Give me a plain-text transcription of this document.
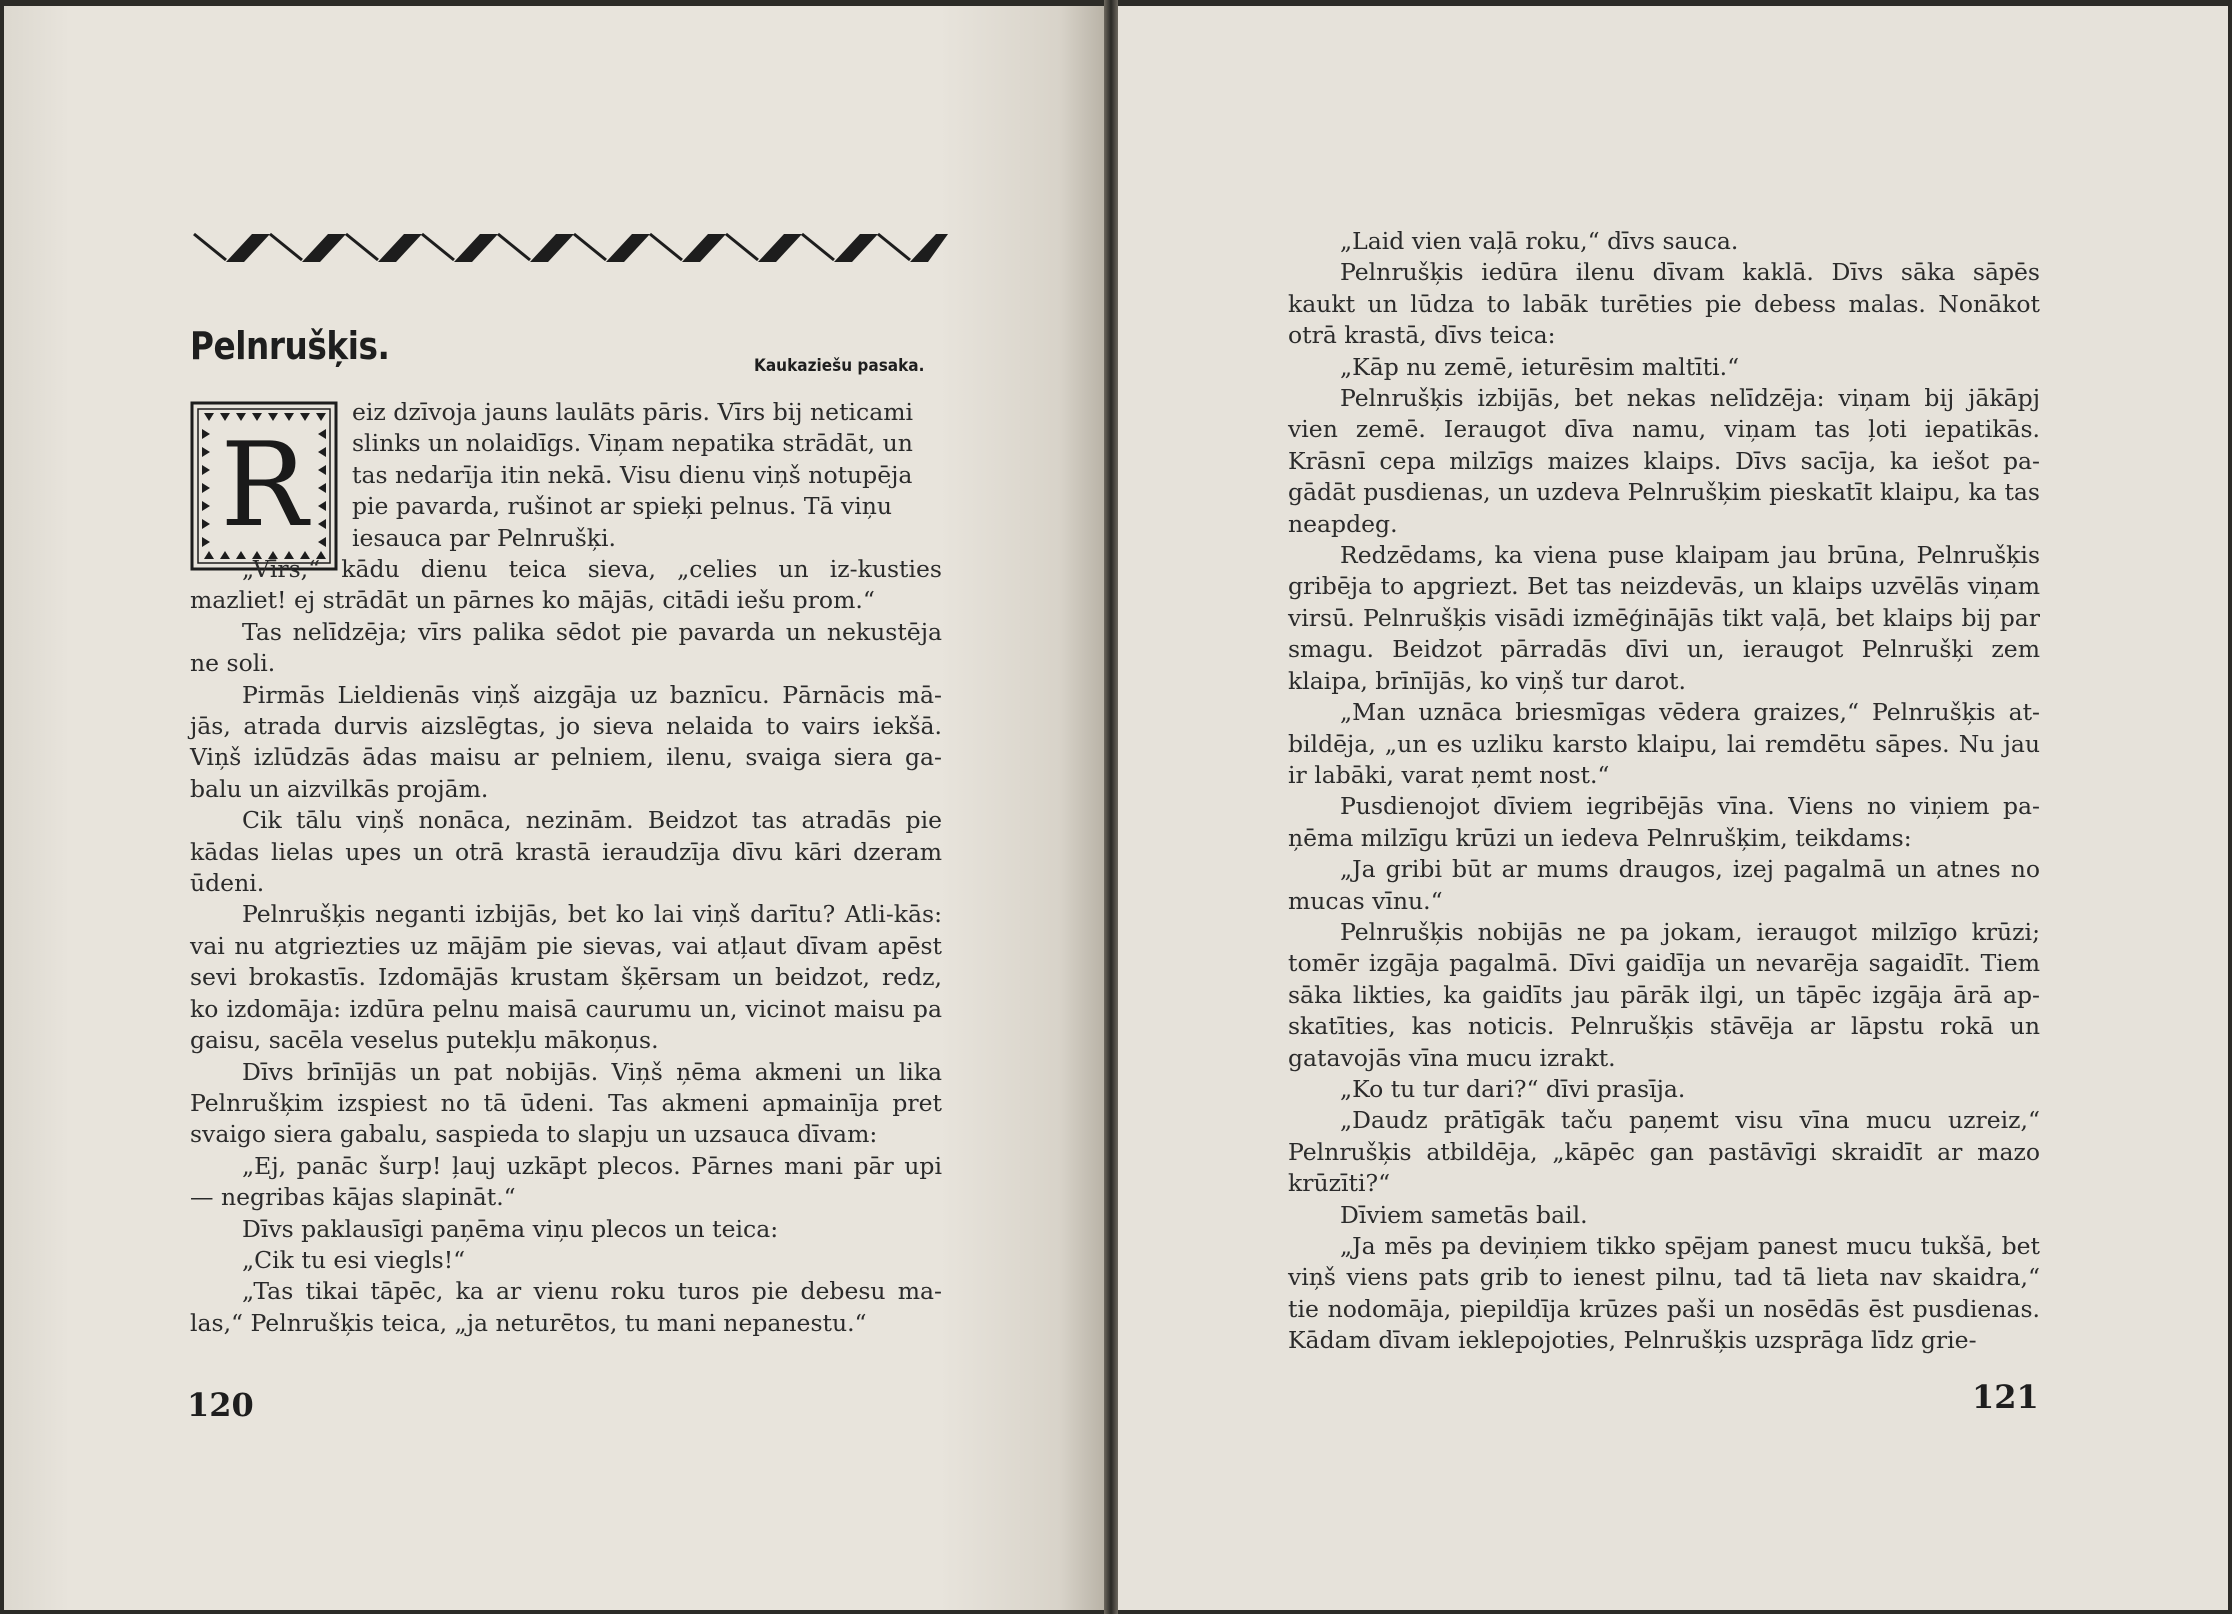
Pelnrušķis.	Kaukaziešu pasaka.
R

eiz dzīvoja jauns laulāts pāris. Vīrs bij neticami

slinks un nolaidīgs. Viņam nepatika strādāt, un

tas nedarīja itin nekā. Visu dienu viņš notupēja

pie pavarda, rušinot ar spieķi pelnus. Tā viņu

iesauca par Pelnrušķi.

„Vīrs,“ kādu dienu teica sieva, „celies un iz-kusties mazliet! ej strādāt un pārnes ko mājās, citādi iešu prom.“

Tas nelīdzēja; vīrs palika sēdot pie pavarda un nekustēja ne soli.

Pirmās Lieldienās viņš aizgāja uz baznīcu. Pārnācis mā-jās, atrada durvis aizslēgtas, jo sieva nelaida to vairs iekšā. Viņš izlūdzās ādas maisu ar pelniem, ilenu, svaiga siera ga-balu un aizvilkās projām.

Cik tālu viņš nonāca, nezinām. Beidzot tas atradās pie kādas lielas upes un otrā krastā ieraudzīja dīvu kāri dzeram ūdeni.

Pelnrušķis neganti izbijās, bet ko lai viņš darītu? Atli-kās: vai nu atgriezties uz mājām pie sievas, vai atļaut dīvam apēst sevi brokastīs. Izdomājās krustam šķērsam un beidzot, redz, ko izdomāja: izdūra pelnu maisā caurumu un, vicinot maisu pa gaisu, sacēla veselus putekļu mākoņus.

Dīvs brīnījās un pat nobijās. Viņš ņēma akmeni un lika Pelnrušķim izspiest no tā ūdeni. Tas akmeni apmainīja pret svaigo siera gabalu, saspieda to slapju un uzsauca dīvam:

„Ej, panāc šurp! ļauj uzkāpt plecos. Pārnes mani pār upi — negribas kājas slapināt.“

Dīvs paklausīgi paņēma viņu plecos un teica:

„Cik tu esi viegls!“

„Tas tikai tāpēc, ka ar vienu roku turos pie debesu ma-las,“ Pelnrušķis teica, „ja neturētos, tu mani nepanestu.“

120

„Laid vien vaļā roku,“ dīvs sauca.

Pelnrušķis iedūra ilenu dīvam kaklā. Dīvs sāka sāpēs kaukt un lūdza to labāk turēties pie debess malas. Nonākot otrā krastā, dīvs teica:

„Kāp nu zemē, ieturēsim maltīti.“

Pelnrušķis izbijās, bet nekas nelīdzēja: viņam bij jākāpj vien zemē. Ieraugot dīva namu, viņam tas ļoti iepatikās. Krāsnī cepa milzīgs maizes klaips. Dīvs sacīja, ka iešot pa-gādāt pusdienas, un uzdeva Pelnrušķim pieskatīt klaipu, ka tas neapdeg.

Redzēdams, ka viena puse klaipam jau brūna, Pelnrušķis gribēja to apgriezt. Bet tas neizdevās, un klaips uzvēlās viņam virsū. Pelnrušķis visādi izmēģinājās tikt vaļā, bet klaips bij par smagu. Beidzot pārradās dīvi un, ieraugot Pelnrušķi zem klaipa, brīnījās, ko viņš tur darot.

„Man uznāca briesmīgas vēdera graizes,“ Pelnrušķis at-bildēja, „un es uzliku karsto klaipu, lai remdētu sāpes. Nu jau ir labāki, varat ņemt nost.“

Pusdienojot dīviem iegribējās vīna. Viens no viņiem pa-ņēma milzīgu krūzi un iedeva Pelnrušķim, teikdams:

„Ja gribi būt ar mums draugos, izej pagalmā un atnes no mucas vīnu.“

Pelnrušķis nobijās ne pa jokam, ieraugot milzīgo krūzi; tomēr izgāja pagalmā. Dīvi gaidīja un nevarēja sagaidīt. Tiem sāka likties, ka gaidīts jau pārāk ilgi, un tāpēc izgāja ārā ap-skatīties, kas noticis. Pelnrušķis stāvēja ar lāpstu rokā un gatavojās vīna mucu izrakt.

„Ko tu tur dari?“ dīvi prasīja.

„Daudz prātīgāk taču paņemt visu vīna mucu uzreiz,“ Pelnrušķis atbildēja, „kāpēc gan pastāvīgi skraidīt ar mazo krūzīti?“

Dīviem sametās bail.

„Ja mēs pa deviņiem tikko spējam panest mucu tukšā, bet viņš viens pats grib to ienest pilnu, tad tā lieta nav skaidra,“ tie nodomāja, piepildīja krūzes paši un nosēdās ēst pusdienas. Kādam dīvam ieklepojoties, Pelnrušķis uzsprāga līdz grie-

121
